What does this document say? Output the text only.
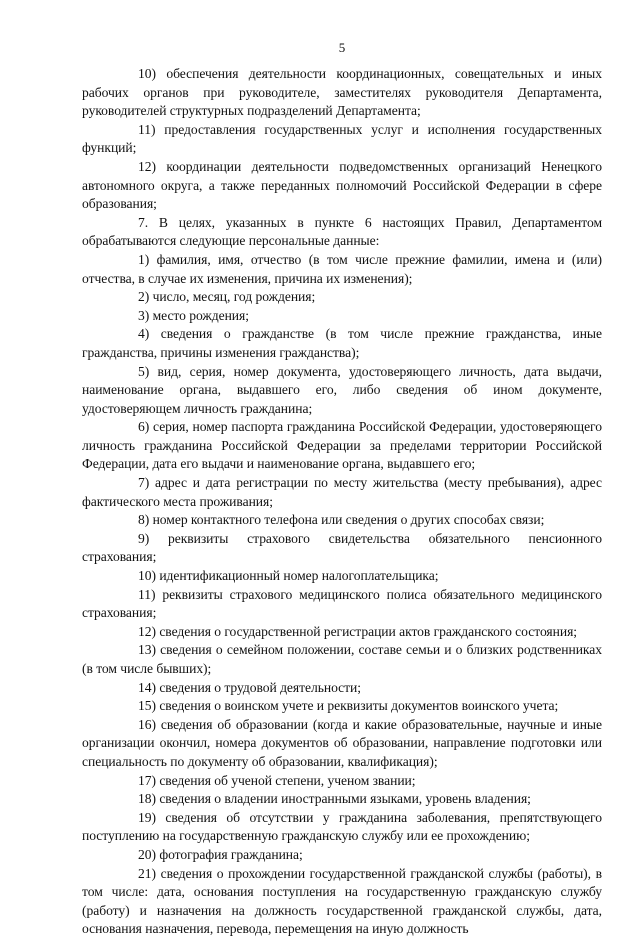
5

10) обеспечения деятельности координационных, совещательных и иных рабочих органов при руководителе, заместителях руководителя Департамента, руководителей структурных подразделений Департамента;

11) предоставления государственных услуг и исполнения государственных функций;

12) координации деятельности подведомственных организаций Ненецкого автономного округа, а также переданных полномочий Российской Федерации в сфере образования;

7. В целях, указанных в пункте 6 настоящих Правил, Департаментом обрабатываются следующие персональные данные:

1) фамилия, имя, отчество (в том числе прежние фамилии, имена и (или) отчества, в случае их изменения, причина их изменения);

2) число, месяц, год рождения;

3) место рождения;

4) сведения о гражданстве (в том числе прежние гражданства, иные гражданства, причины изменения гражданства);

5) вид, серия, номер документа, удостоверяющего личность, дата выдачи, наименование органа, выдавшего его, либо сведения об ином документе, удостоверяющем личность гражданина;

6) серия, номер паспорта гражданина Российской Федерации, удостоверяющего личность гражданина Российской Федерации за пределами территории Российской Федерации, дата его выдачи и наименование органа, выдавшего его;

7) адрес и дата регистрации по месту жительства (месту пребывания), адрес фактического места проживания;

8) номер контактного телефона или сведения о других способах связи;

9) реквизиты страхового свидетельства обязательного пенсионного страхования;

10) идентификационный номер налогоплательщика;

11) реквизиты страхового медицинского полиса обязательного медицинского страхования;

12) сведения о государственной регистрации актов гражданского состояния;

13) сведения о семейном положении, составе семьи и о близких родственниках (в том числе бывших);

14) сведения о трудовой деятельности;

15) сведения о воинском учете и реквизиты документов воинского учета;

16) сведения об образовании (когда и какие образовательные, научные и иные организации окончил, номера документов об образовании, направление подготовки или специальность по документу об образовании, квалификация);

17) сведения об ученой степени, ученом звании;

18) сведения о владении иностранными языками, уровень владения;

19) сведения об отсутствии у гражданина заболевания, препятствующего поступлению на государственную гражданскую службу или ее прохождению;

20) фотография гражданина;

21) сведения о прохождении государственной гражданской службы (работы), в том числе: дата, основания поступления на государственную гражданскую службу (работу) и назначения на должность государственной гражданской службы, дата, основания назначения, перевода, перемещения на иную должность
